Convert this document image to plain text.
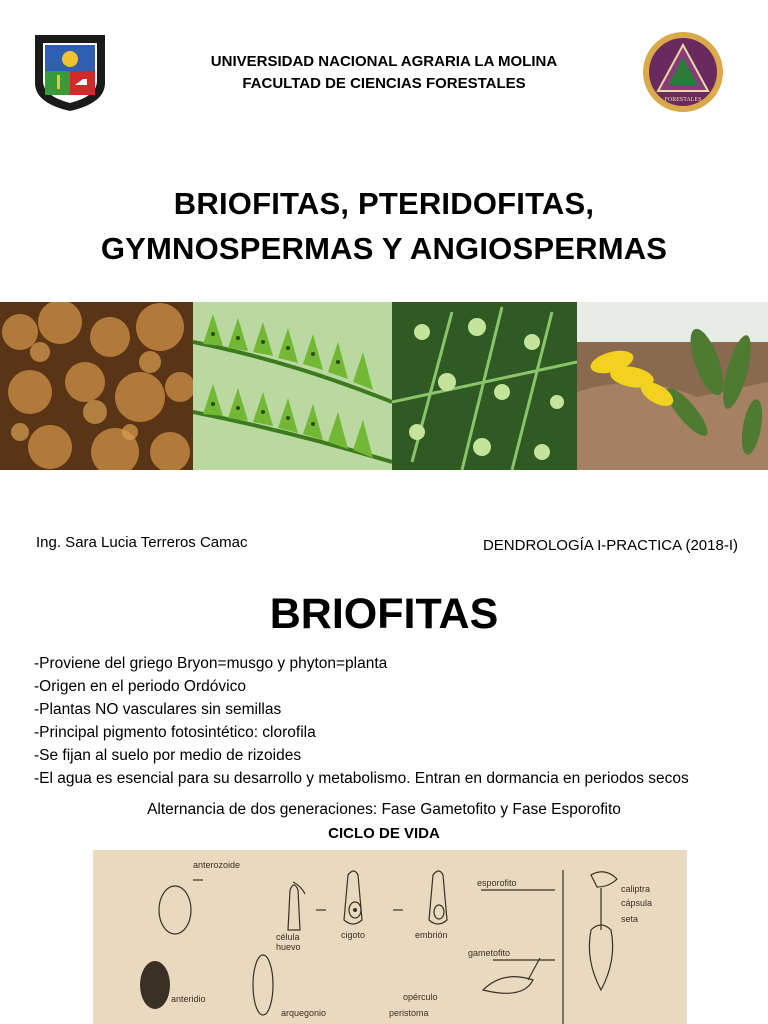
UNIVERSIDAD NACIONAL AGRARIA LA MOLINA
FACULTAD DE CIENCIAS FORESTALES
FORESTALES
BRIOFITAS, PTERIDOFITAS,
GYMNOSPERMAS Y ANGIOSPERMAS
Ing. Sara Lucia Terreros Camac	DENDROLOGÍA I-PRACTICA (2018-I)
BRIOFITAS
-Proviene del griego Bryon=musgo y phyton=planta
-Origen en el periodo Ordóvico
-Plantas NO vasculares sin semillas
-Principal pigmento fotosintético: clorofila
-Se fijan al suelo por medio de rizoides
-El agua es esencial para su desarrollo y metabolismo. Entran en dormancia en periodos secos
Alternancia de dos generaciones: Fase Gametofito y Fase Esporofito
CICLO DE VIDA
anterozoide
célula
huevo
cigoto	embrión
esporofito
caliptra
cápsula
seta
gametofito
anteridio
arquegonio
opérculo
peristoma
